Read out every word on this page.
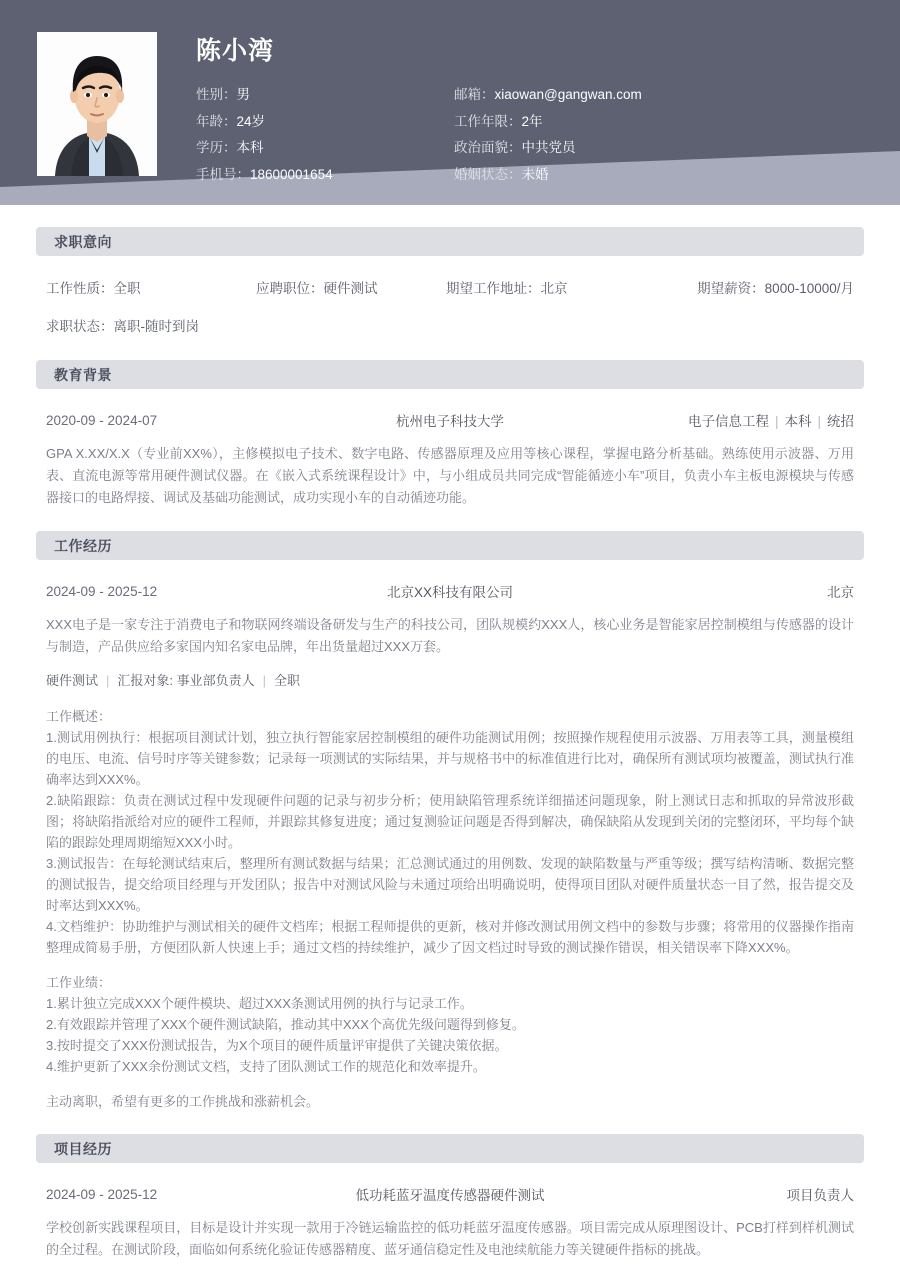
陈小湾
性别：男	邮箱：xiaowan@gangwan.com
年龄：24岁	工作年限：2年
学历：本科	政治面貌：中共党员
手机号：18600001654	婚姻状态：未婚
求职意向
工作性质：全职	应聘职位：硬件测试	期望工作地址：北京	期望薪资：8000-10000/月
求职状态：离职-随时到岗
教育背景
2020-09 - 2024-07	杭州电子科技大学	电子信息工程 | 本科 | 统招
GPA X.XX/X.X（专业前XX%），主修模拟电子技术、数字电路、传感器原理及应用等核心课程，掌握电路分析基础。熟练使用示波器、万用表、直流电源等常用硬件测试仪器。在《嵌入式系统课程设计》中，与小组成员共同完成“智能循迹小车”项目，负责小车主板电源模块与传感器接口的电路焊接、调试及基础功能测试，成功实现小车的自动循迹功能。
工作经历
2024-09 - 2025-12	北京XX科技有限公司	北京
XXX电子是一家专注于消费电子和物联网终端设备研发与生产的科技公司，团队规模约XXX人，核心业务是智能家居控制模组与传感器的设计与制造，产品供应给多家国内知名家电品牌，年出货量超过XXX万套。
硬件测试 | 汇报对象: 事业部负责人 | 全职
工作概述：
1.测试用例执行：根据项目测试计划，独立执行智能家居控制模组的硬件功能测试用例；按照操作规程使用示波器、万用表等工具，测量模组的电压、电流、信号时序等关键参数；记录每一项测试的实际结果，并与规格书中的标准值进行比对，确保所有测试项均被覆盖，测试执行准确率达到XXX%。
2.缺陷跟踪：负责在测试过程中发现硬件问题的记录与初步分析；使用缺陷管理系统详细描述问题现象，附上测试日志和抓取的异常波形截图；将缺陷指派给对应的硬件工程师，并跟踪其修复进度；通过复测验证问题是否得到解决，确保缺陷从发现到关闭的完整闭环，平均每个缺陷的跟踪处理周期缩短XXX小时。
3.测试报告：在每轮测试结束后，整理所有测试数据与结果；汇总测试通过的用例数、发现的缺陷数量与严重等级；撰写结构清晰、数据完整的测试报告，提交给项目经理与开发团队；报告中对测试风险与未通过项给出明确说明，使得项目团队对硬件质量状态一目了然，报告提交及时率达到XXX%。
4.文档维护：协助维护与测试相关的硬件文档库；根据工程师提供的更新，核对并修改测试用例文档中的参数与步骤；将常用的仪器操作指南整理成简易手册，方便团队新人快速上手；通过文档的持续维护，减少了因文档过时导致的测试操作错误，相关错误率下降XXX%。
工作业绩：
1.累计独立完成XXX个硬件模块、超过XXX条测试用例的执行与记录工作。
2.有效跟踪并管理了XXX个硬件测试缺陷，推动其中XXX个高优先级问题得到修复。
3.按时提交了XXX份测试报告，为X个项目的硬件质量评审提供了关键决策依据。
4.维护更新了XXX余份测试文档，支持了团队测试工作的规范化和效率提升。
主动离职，希望有更多的工作挑战和涨薪机会。
项目经历
2024-09 - 2025-12	低功耗蓝牙温度传感器硬件测试	项目负责人
学校创新实践课程项目，目标是设计并实现一款用于冷链运输监控的低功耗蓝牙温度传感器。项目需完成从原理图设计、PCB打样到样机测试的全过程。在测试阶段，面临如何系统化验证传感器精度、蓝牙通信稳定性及电池续航能力等关键硬件指标的挑战。
